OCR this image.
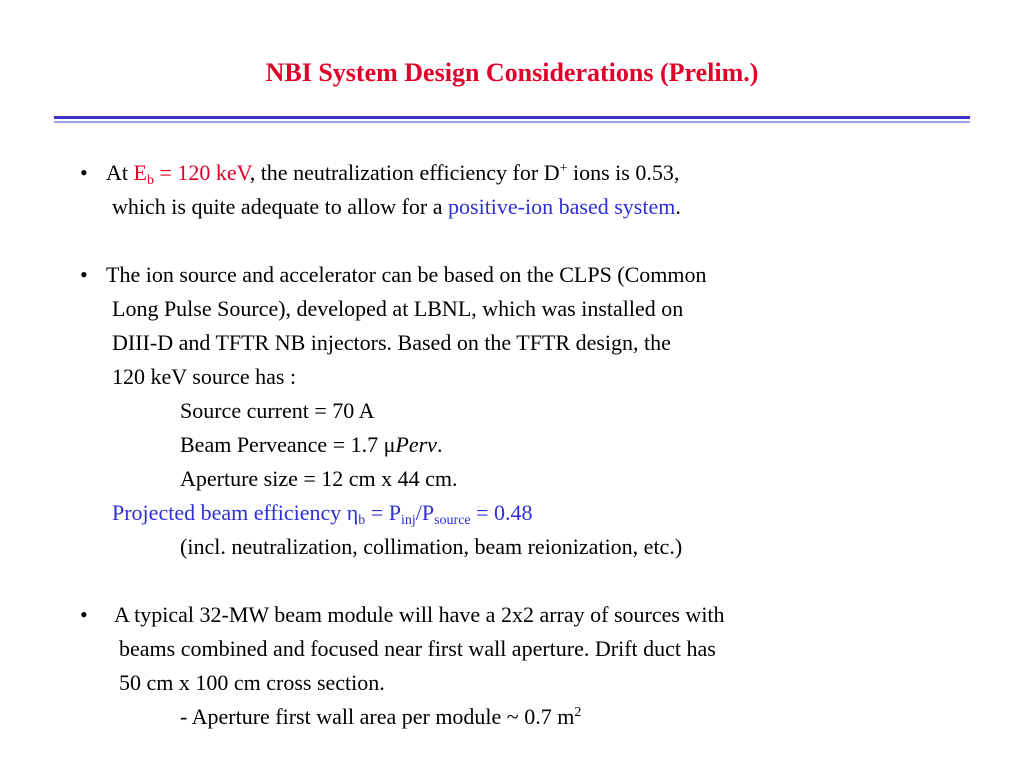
NBI System Design Considerations (Prelim.)
• At $E_b = 120$ keV, the neutralization efficiency for D+ ions is 0.53,
which is quite adequate to allow for a positive-ion based system.
• The ion source and accelerator can be based on the CLPS (Common
Long Pulse Source), developed at LBNL, which was installed on
DIII-D and TFTR NB injectors. Based on the TFTR design, the
120 keV source has :
Source current = 70 A
Beam Perveance = 1.7 μPerv.
Aperture size = 12 cm x 44 cm.
Projected beam efficiency $\eta_b = P_{inj}/P_{source} = 0.48$
(incl. neutralization, collimation, beam reionization, etc.)
• A typical 32-MW beam module will have a 2x2 array of sources with
beams combined and focused near first wall aperture. Drift duct has
50 cm x 100 cm cross section.
- Aperture first wall area per module ~ 0.7 $m^2$
